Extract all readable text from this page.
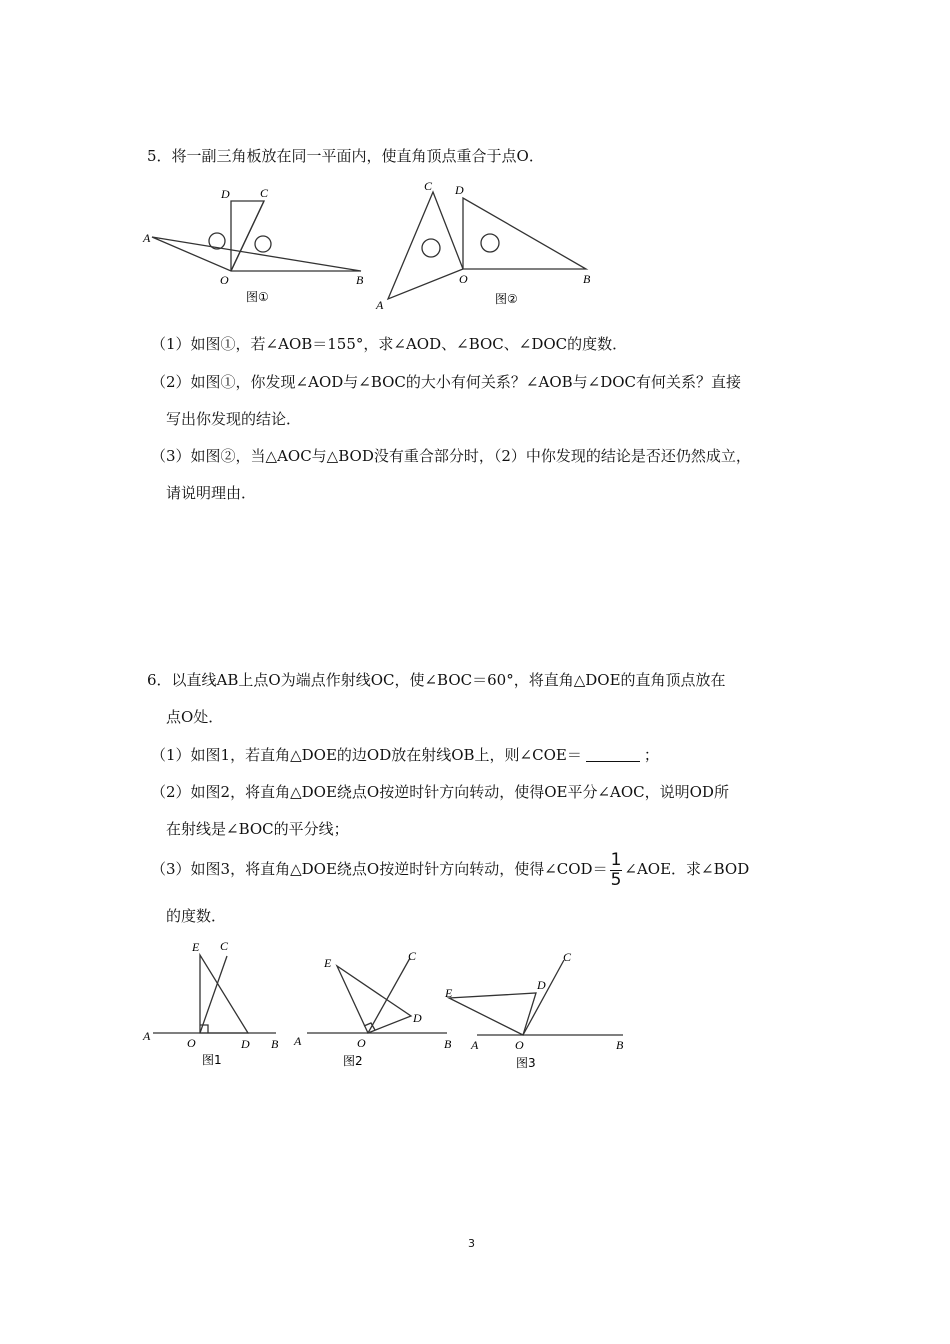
5．将一副三角板放在同一平面内，使直角顶点重合于点O．
A
D	C
O	B
图①
C D
O	B
A	图②
（1）如图①，若∠AOB＝155°，求∠AOD、∠BOC、∠DOC的度数．
（2）如图①，你发现∠AOD与∠BOC的大小有何关系？∠AOB与∠DOC有何关系？直接
写出你发现的结论．
（3）如图②，当△AOC与△BOD没有重合部分时，（2）中你发现的结论是否还仍然成立，
请说明理由．
6．以直线AB上点O为端点作射线OC，使∠BOC＝60°，将直角△DOE的直角顶点放在
点O处．
（1）如图1，若直角△DOE的边OD放在射线OB上，则∠COE＝	；
（2）如图2，将直角△DOE绕点O按逆时针方向转动，使得OE平分∠AOC，说明OD所
在射线是∠BOC的平分线；
（3）如图3，将直角△DOE绕点O按逆时针方向转动，使得∠COD＝ $\frac{1}{5}$ ∠AOE．求∠BOD
的度数．
E C
A	O	D B
图1
E	C
D
A	O	B
图2
C
D
E
A	O	B
图3
3
